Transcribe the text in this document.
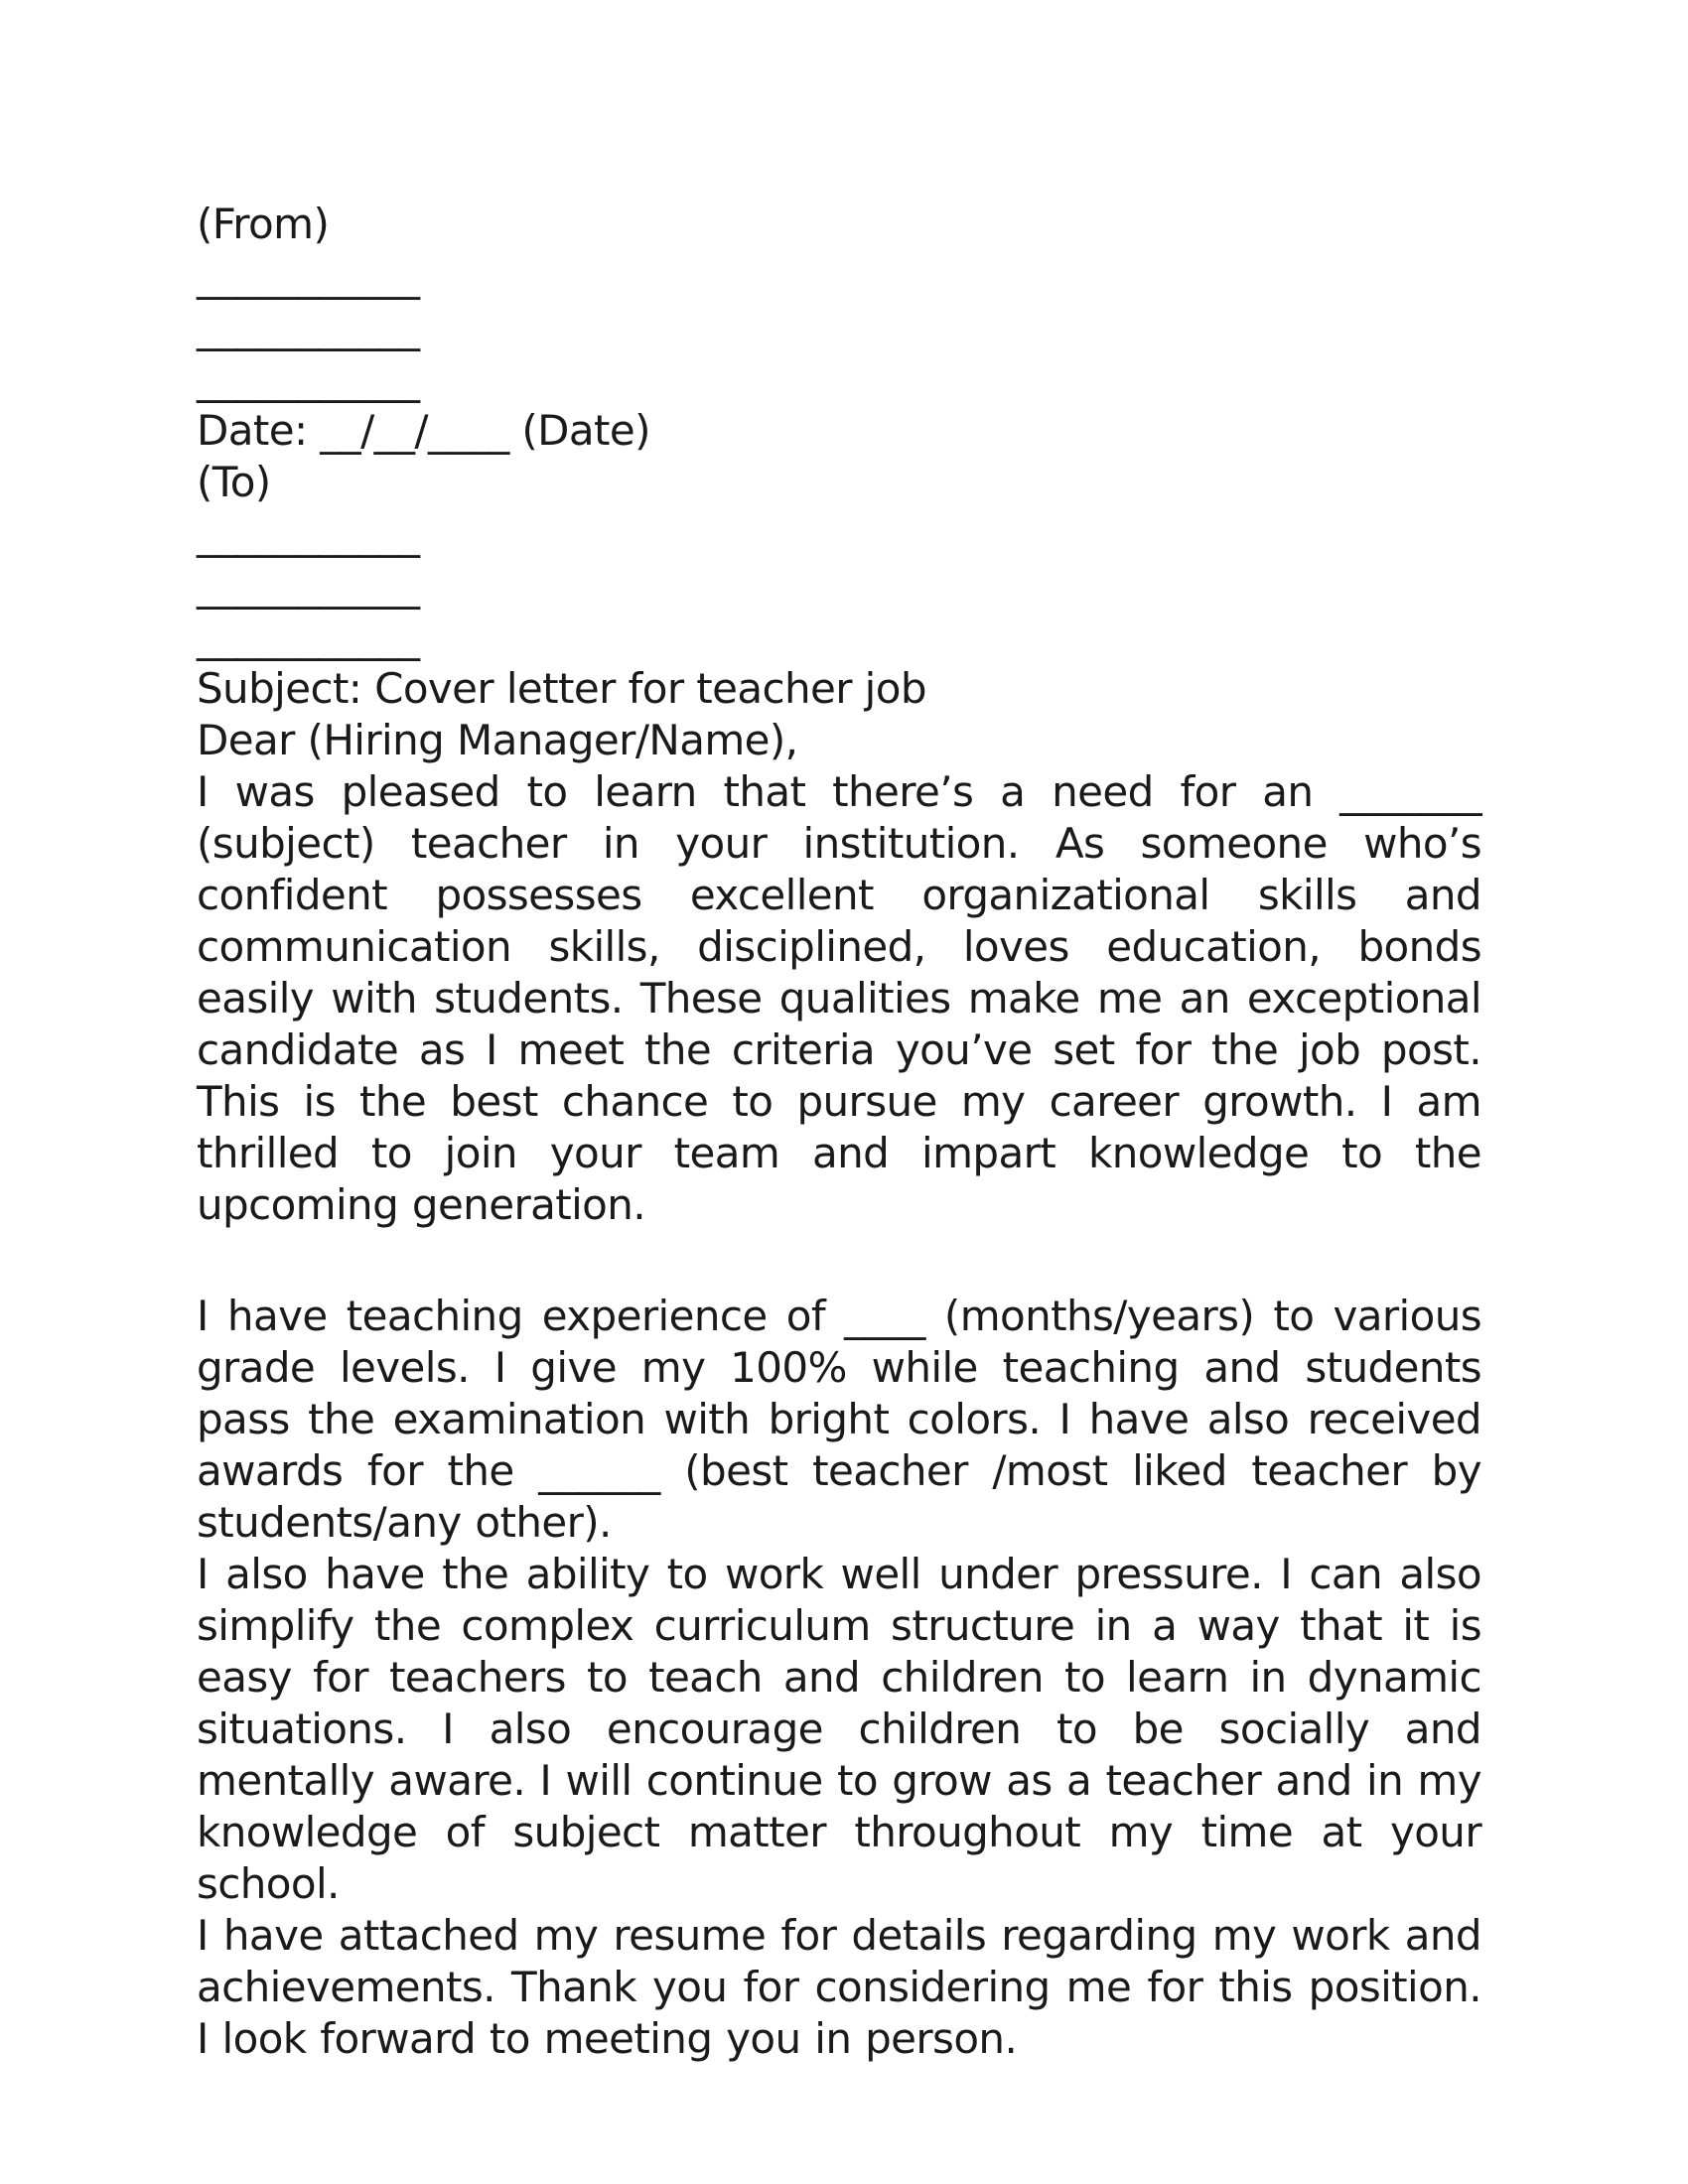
(From)
___________
___________
___________
Date: __/__/____ (Date)
(To)
___________
___________
___________
Subject: Cover letter for teacher job
Dear (Hiring Manager/Name),
I was pleased to learn that there’s a need for an _______ (subject) teacher in your institution. As someone who’s confident possesses excellent organizational skills and communication skills, disciplined, loves education, bonds easily with students. These qualities make me an exceptional candidate as I meet the criteria you’ve set for the job post. This is the best chance to pursue my career growth. I am thrilled to join your team and impart knowledge to the upcoming generation.
I have teaching experience of ____ (months/years) to various grade levels. I give my 100% while teaching and students pass the examination with bright colors. I have also received awards for the ______ (best teacher /most liked teacher by students/any other).
I also have the ability to work well under pressure. I can also simplify the complex curriculum structure in a way that it is easy for teachers to teach and children to learn in dynamic situations. I also encourage children to be socially and mentally aware. I will continue to grow as a teacher and in my knowledge of subject matter throughout my time at your school.
I have attached my resume for details regarding my work and achievements. Thank you for considering me for this position. I look forward to meeting you in person.
